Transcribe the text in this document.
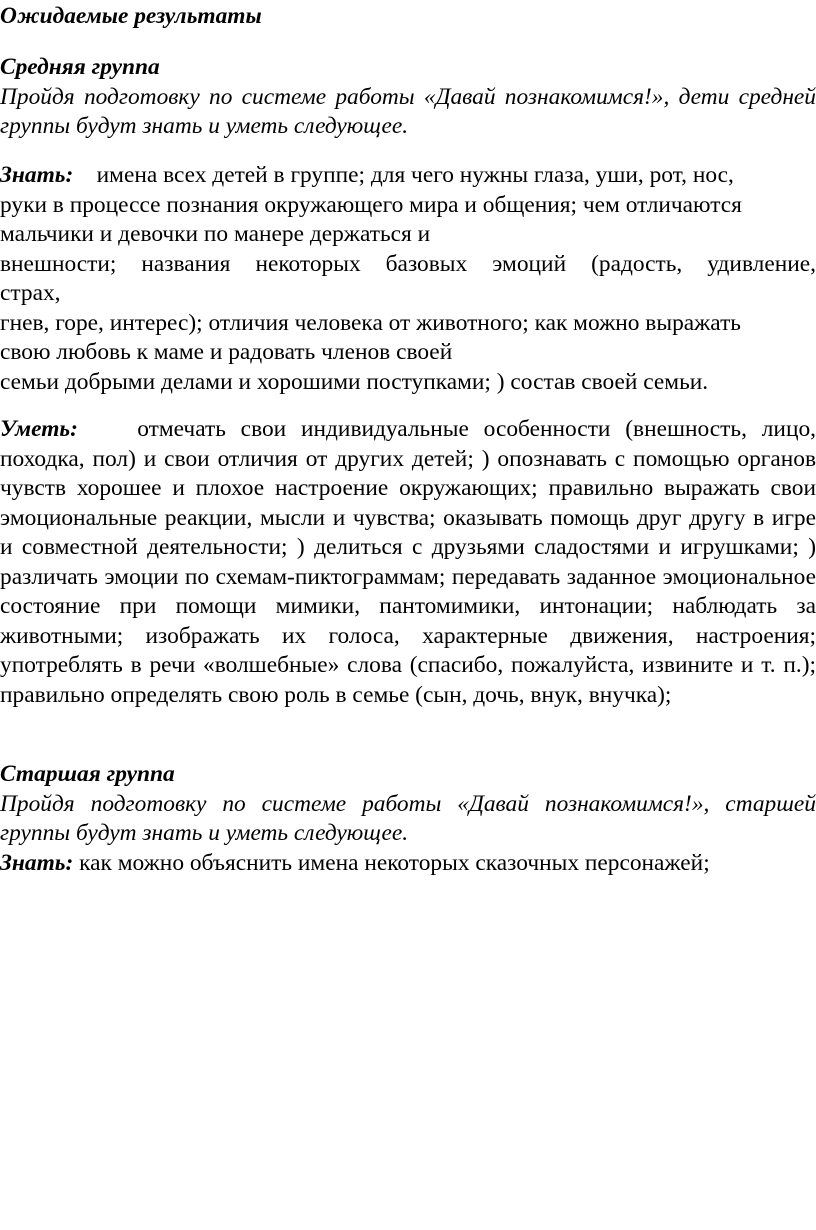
Ожидаемые результаты
Средняя группа

Пройдя подготовку по системе работы «Давай познакомимся!», дети средней группы будут знать и уметь следующее.

Знать: имена всех детей в группе; для чего нужны глаза, уши, рот, нос,
руки в процессе познания окружающего мира и общения; чем отличаются
мальчики и девочки по манере держаться и
внешности; названия некоторых базовых эмоций (радость, удивление,
страх,
гнев, горе, интерес); отличия человека от животного; как можно выражать
свою любовь к маме и радовать членов своей
семьи добрыми делами и хорошими поступками; ) состав своей семьи.
Уметь:	отмечать свои индивидуальные особенности (внешность, лицо, походка, пол) и свои отличия от других детей; ) опознавать с помощью органов чувств хорошее и плохое настроение окружающих; правильно выражать свои эмоциональные реакции, мысли и чувства; оказывать помощь друг другу в игре и совместной деятельности; ) делиться с друзьями сладостями и игрушками; ) различать эмоции по схемам-пиктограммам; передавать заданное эмоциональное состояние при помощи мимики, пантомимики, интонации; наблюдать за животными; изображать их голоса, характерные движения, настроения; употреблять в речи «волшебные» слова (спасибо, пожалуйста, извините и т. п.); правильно определять свою роль в семье (сын, дочь, внук, внучка);
Старшая группа

Пройдя подготовку по системе работы «Давай познакомимся!», старшей группы будут знать и уметь следующее.

Знать: как можно объяснить имена некоторых сказочных персонажей;
